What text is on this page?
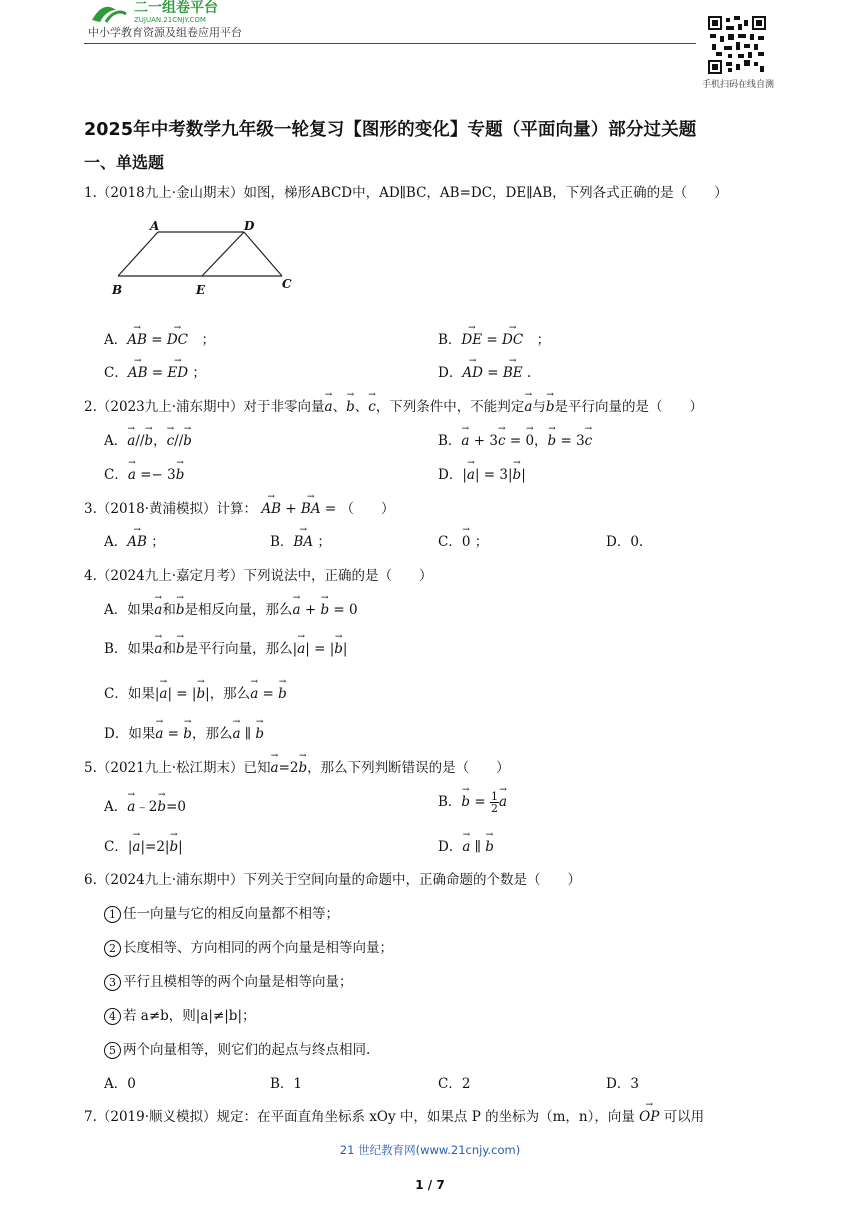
二一组卷平台
ZUJUAN.21CNJY.COM
中小学教育资源及组卷应用平台
手机扫码在线自测
2025年中考数学九年级一轮复习【图形的变化】专题（平面向量）部分过关题
一、单选题
1.（2018九上·金山期末）如图，梯形ABCD中，AD∥BC，AB=DC，DE∥AB，下列各式正确的是（　　）
A	D
B	E	C
A．→ AB = → DC　；	B．→ DE = → DC　；
C．→ AB = → ED ；	D．→ AD = → BE .
2.（2023九上·浦东期中）对于非零向量→ a、→ b、→ c，下列条件中，不能判定→ a与→ b是平行向量的是（　　）
A．→ a//→ b，→ c//→ b	B．→ a + 3→ c = → 0，→ b = 3→ c
C．→ a =− 3→ b	D．|→ a| = 3|→ b|
3.（2018·黄浦模拟）计算： → AB + → BA = （　　）
A．→ AB ；	B．→ BA ；	C．→ 0 ；	D．0.
4.（2024九上·嘉定月考）下列说法中，正确的是（　　）
A．如果→ a和→ b是相反向量，那么→ a + → b = 0
B．如果→ a和→ b是平行向量，那么|→ a| = |→ b|
C．如果|→ a| = |→ b|，那么→ a = → b
D．如果→ a = → b，那么→ a ∥ → b
5.（2021九上·松江期末）已知→ a=2→ b，那么下列判断错误的是（　　）
A．→ a﹣2→ b=0	B．→ $b = \frac{1}{2}$
→ a
C．|→ a|=2|→ b|	D．→ a ∥ → b
6.（2024九上·浦东期中）下列关于空间向量的命题中，正确命题的个数是（　　）
1 任一向量与它的相反向量都不相等；
2 长度相等、方向相同的两个向量是相等向量；
3 平行且模相等的两个向量是相等向量；
4 若 a≠b，则|a|≠|b|；
5 两个向量相等，则它们的起点与终点相同.
A．0	B．1	C．2	D．3
7.（2019·顺义模拟）规定：在平面直角坐标系 xOy 中，如果点 P 的坐标为（m，n），向量 → OP 可以用
21 世纪教育网(www.21cnjy.com)
1 / 7
